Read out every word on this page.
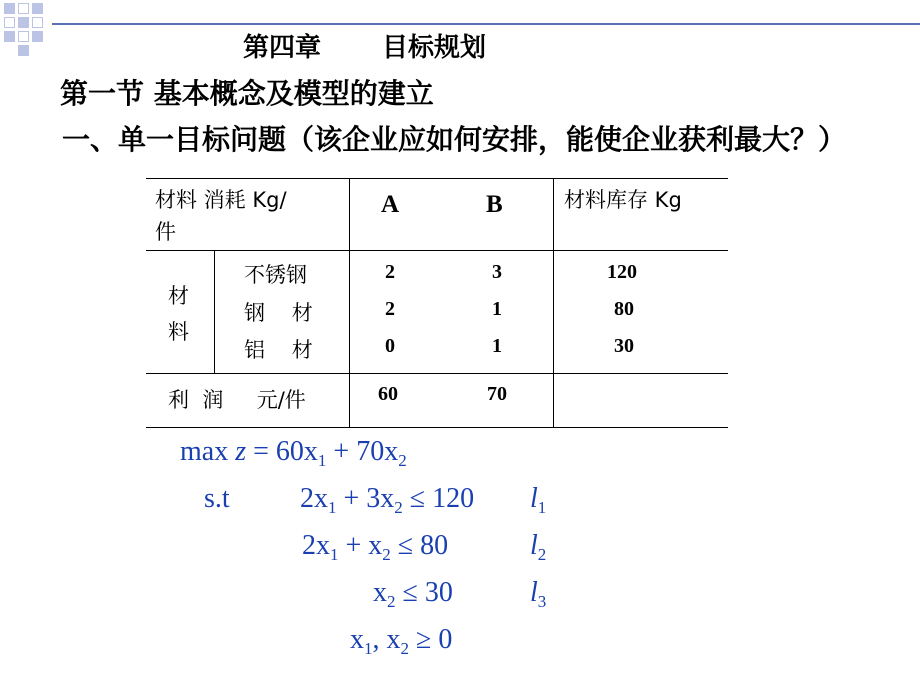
第四章 目标规划
第一节 基本概念及模型的建立
一、单一目标问题（该企业应如何安排，能使企业获利最大？）
材料 消耗 Kg/
件
A	B	材料库存 Kg
材
料
不锈钢	2	3	120
钢    材	2	1	80
铝    材	0	1	30
利  润     元/件	60	70
$\max z = 60x_1 + 70x_2$
s.t	$2x_1 + 3x_2 \le 120$ $l_1$
$2x_1 + x_2 \le 80$	$l_2$
$x_2 \le 30$	$l_3$
$x_1$, $x_2 \ge 0$
